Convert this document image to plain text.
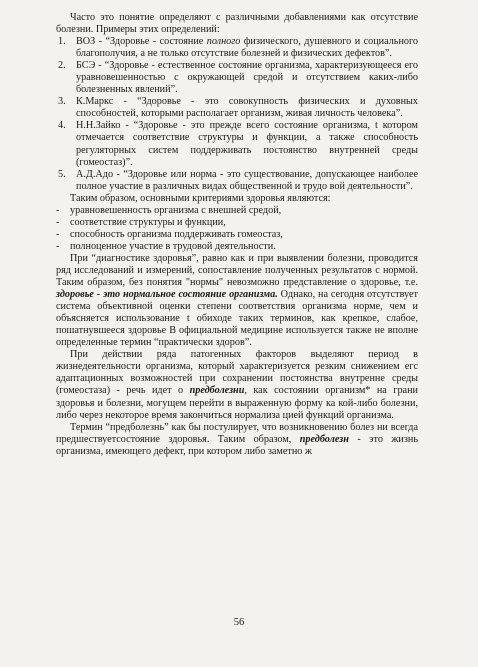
Часто это понятие определяют с различными добавлениями как отсутствие болезни. Примеры этих определений:

1. ВОЗ - “Здоровье - состояние полного физического, душевного и социального благополучия, а не только отсутствие болезней и физических дефектов”.
2. БСЭ - “Здоровье - естественное состояние организма, характеризующееся его уравновешенностью с окружающей средой и отсутствием каких-либо болезненных явлений”.
3. К.Маркс - “Здоровье - это совокупность физических и духовных способностей, которыми располагает организм, живая личность человека”.
4. Н.Н.Зайко - “Здоровье - это прежде всего состояние организма, t котором отмечается соответствие структуры и функции, а также способность регуляторных систем поддерживать постоянство внутренней среды (гомеостаз)”.
5. А.Д.Адо - “Здоровье или норма - это существование, допускающее наиболее полное участие в различных видах общественной и трудо вой деятельности”.

Таким образом, основными критериями здоровья являются:

- уравновешенность организма с внешней средой,
- соответствие структуры и функции,
- способность организма поддерживать гомеостаз,
- полноценное участие в трудовой деятельности.

При “диагностике здоровья”, равно как и при выявлении болезни, проводится ряд исследований и измерений, сопоставление полученных результатов с нормой. Таким образом, без понятия "нормы" невозможно представление о здоровье, т.е. здоровье - это нормальное состояние организма. Однако, на сегодня отсутствует система объективной оценки степени соответствия организма норме, чем и объясняется использование t обиходе таких терминов, как крепкое, слабое, пошатнувшееся здоровье В официальной медицине используется также не вполне определенные термин “практически здоров”.

При действии ряда патогенных факторов выделяют период в жизнедеятельности организма, который характеризуется резким снижением егс адаптационных возможностей при сохранении постоянства внутренне среды (гомеостаза) - речь идет о предболезни, как состоянии организм* на грани здоровья и болезни, могущем перейти в выраженную форму ка кой-либо болезни, либо через некоторое время закончиться нормализа цией функций организма.

Термин “предболезнь” как бы постулирует, что возникновению болез ни всегда предшествуетсостояние здоровья. Таким образом, предболезн - это жизнь организма, имеющего дефект, при котором либо заметно ж

56
